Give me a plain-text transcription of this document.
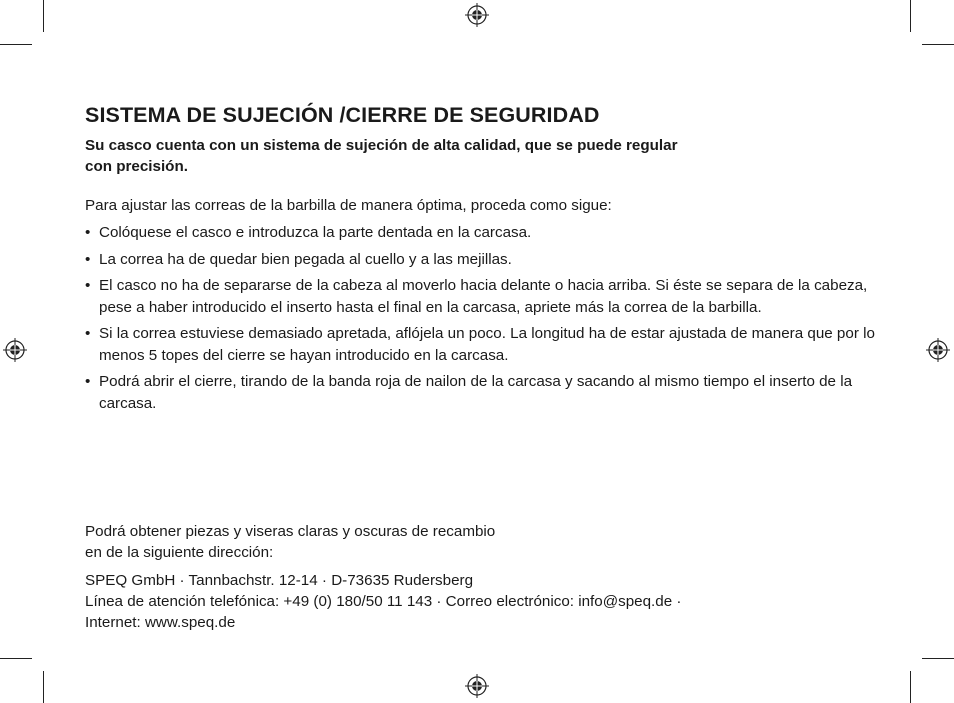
SISTEMA DE SUJECIÓN /CIERRE DE SEGURIDAD

Su casco cuenta con un sistema de sujeción de alta calidad, que se puede regular
con precisión.

Para ajustar las correas de la barbilla de manera óptima, proceda como sigue:

• Colóquese el casco e introduzca la parte dentada en la carcasa.
• La correa ha de quedar bien pegada al cuello y a las mejillas.
• El casco no ha de separarse de la cabeza al moverlo hacia delante o hacia arriba. Si éste se separa de la cabeza, pese a haber introducido el inserto hasta el final en la carcasa, apriete más la correa de la barbilla.
• Si la correa estuviese demasiado apretada, aflójela un poco. La longitud ha de estar ajustada de manera que por lo menos 5 topes del cierre se hayan introducido en la carcasa.
• Podrá abrir el cierre, tirando de la banda roja de nailon de la carcasa y sacando al mismo tiempo el inserto de la carcasa.

Podrá obtener piezas y viseras claras y oscuras de recambio
en de la siguiente dirección:

SPEQ GmbH · Tannbachstr. 12-14 · D-73635 Rudersberg
Línea de atención telefónica: +49 (0) 180/50 11 143 · Correo electrónico: info@speq.de ·
Internet: www.speq.de
